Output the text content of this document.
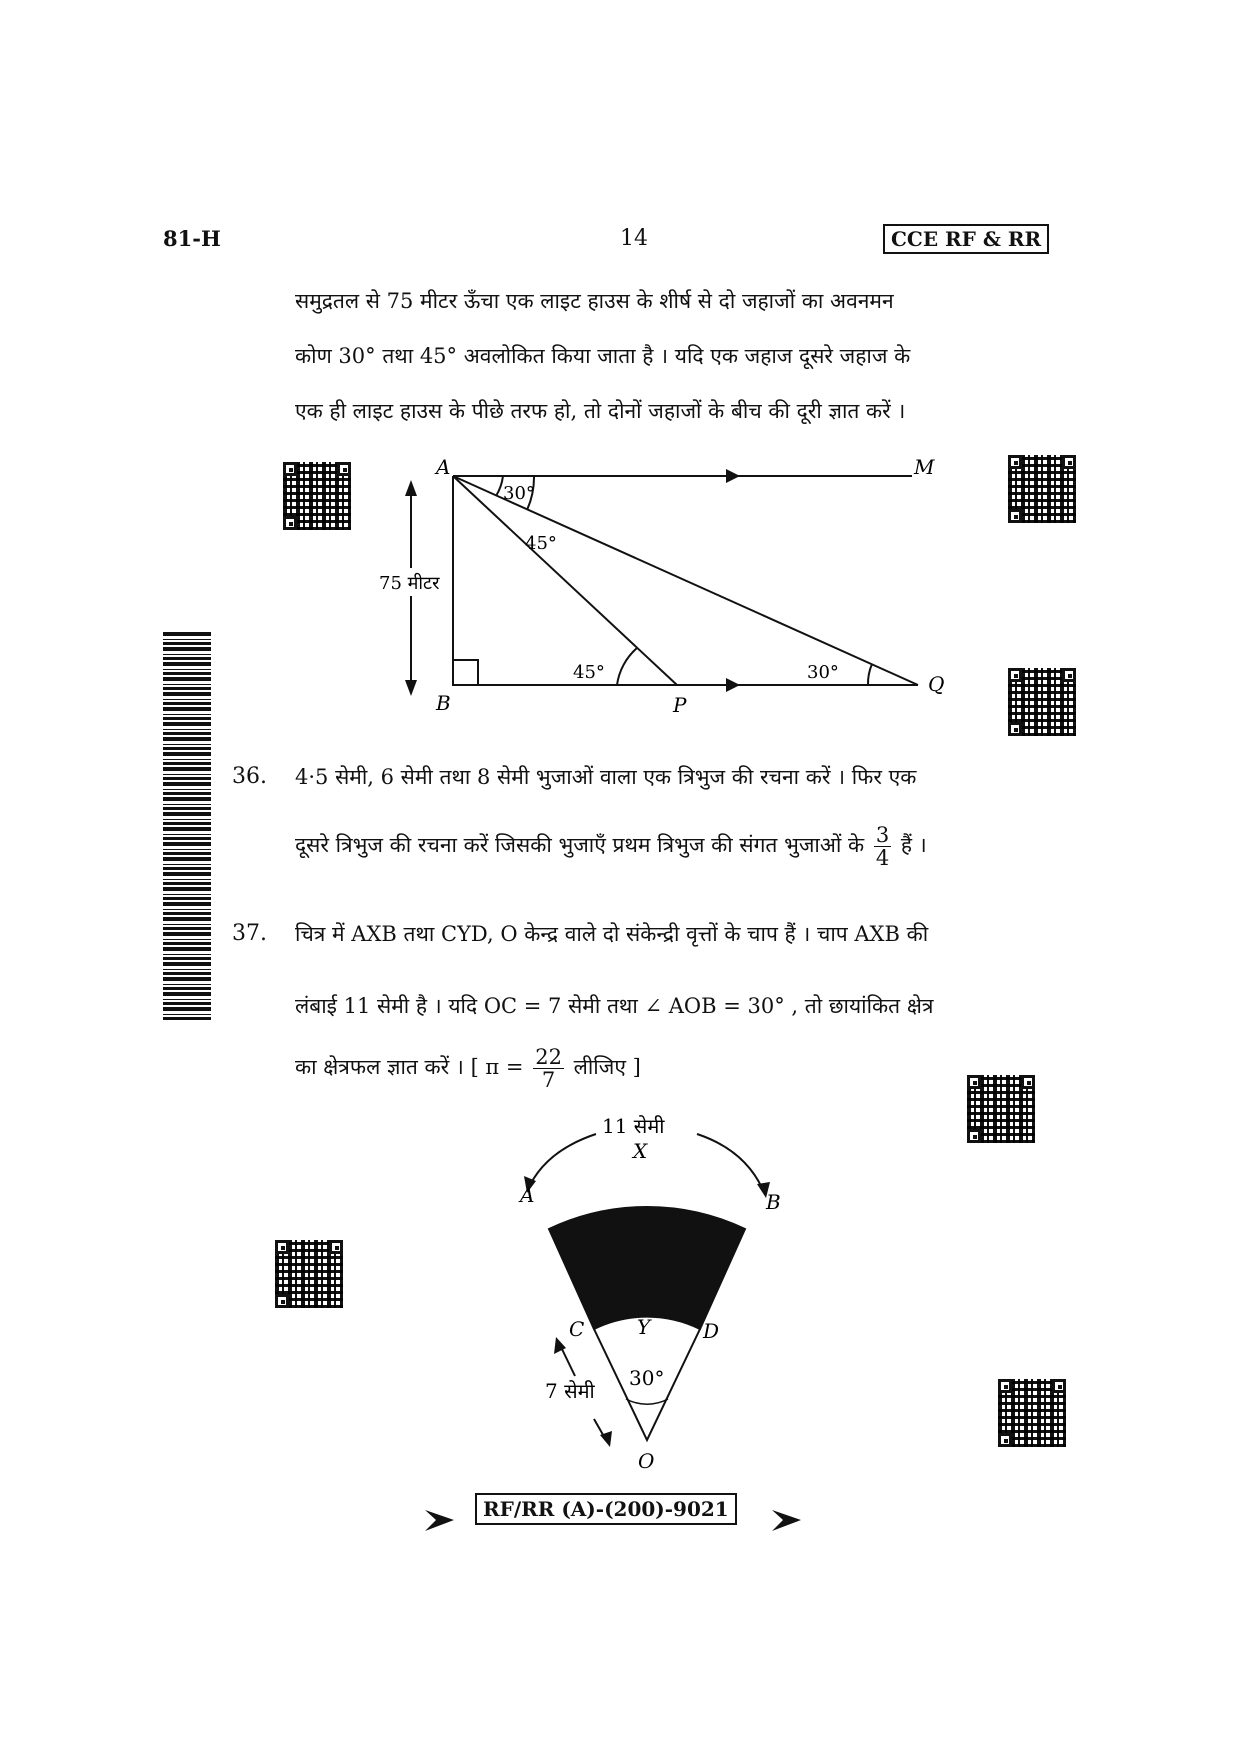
81-H	14	CCE RF & RR
समुद्रतल से 75 मीटर ऊँचा एक लाइट हाउस के शीर्ष से दो जहाजों का अवनमन
कोण 30° तथा 45° अवलोकित किया जाता है । यदि एक जहाज दूसरे जहाज के
एक ही लाइट हाउस के पीछे तरफ हो, तो दोनों जहाजों के बीच की दूरी ज्ञात करें ।
A	M
B	P
Q
75 मीटर
30°
45°
45°	30°
11 सेमी
7 सेमी
30°
X
A	B
C	Y	D
O
36. 4·5 सेमी, 6 सेमी तथा 8 सेमी भुजाओं वाला एक त्रिभुज की रचना करें । फिर एक
दूसरे त्रिभुज की रचना करें जिसकी भुजाएँ प्रथम त्रिभुज की संगत भुजाओं के $\frac{3}{4}$ हैं ।
37. चित्र में AXB तथा CYD, O केन्द्र वाले दो संकेन्द्री वृत्तों के चाप हैं । चाप AXB की
लंबाई 11 सेमी है । यदि OC = 7 सेमी तथा ∠ AOB = 30° , तो छायांकित क्षेत्र
का क्षेत्रफल ज्ञात करें । [ $\pi = \frac{22}{7}$ लीजिए ]
RF/RR (A)-(200)-9021
